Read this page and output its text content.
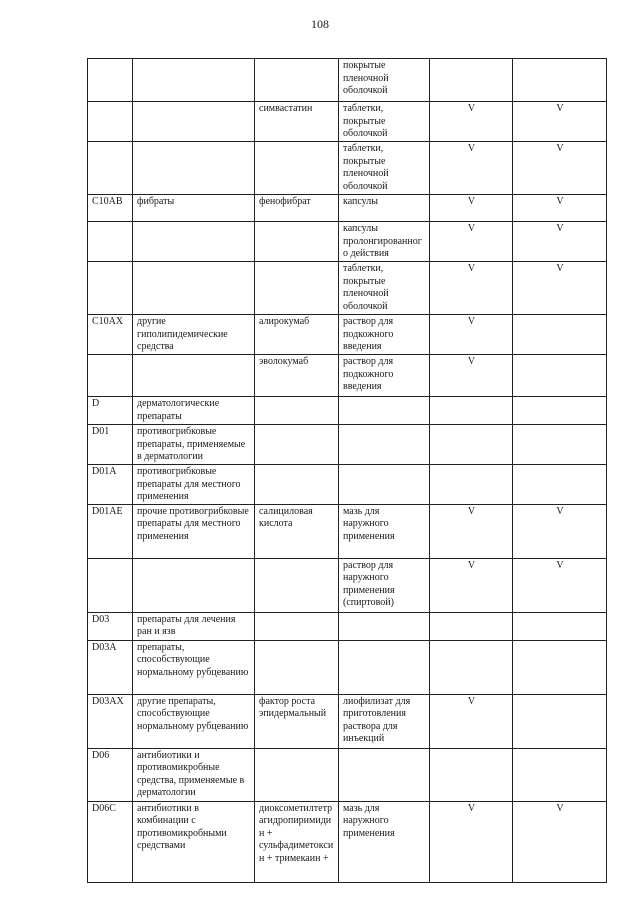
108
			покрытые пленочной оболочкой		
		симвастатин	таблетки, покрытые оболочкой	V	V
			таблетки, покрытые пленочной оболочкой	V	V
C10AB	фибраты	фенофибрат	капсулы	V	V
			капсулы пролонгированного действия	V	V
			таблетки, покрытые пленочной оболочкой	V	V
C10AX	другие гиполипидемические средства	алирокумаб	раствор для подкожного введения	V	
		эволокумаб	раствор для подкожного введения	V	
D	дерматологические препараты				
D01	противогрибковые препараты, применяемые в дерматологии				
D01A	противогрибковые препараты для местного применения				
D01AE	прочие противогрибковые препараты для местного применения	салициловая кислота	мазь для наружного применения	V	V
			раствор для наружного применения (спиртовой)	V	V
D03	препараты для лечения ран и язв				
D03A	препараты, способствующие нормальному рубцеванию				
D03AX	другие препараты, способствующие нормальному рубцеванию	фактор роста эпидермальный	лиофилизат для приготовления раствора для инъекций	V	
D06	антибиотики и противомикробные средства, применяемые в дерматологии				
D06C	антибиотики в комбинации с противомикробными средствами	диоксометилтетрагидропиримидин + сульфадиметоксин + тримекаин +	мазь для наружного применения	V	V
